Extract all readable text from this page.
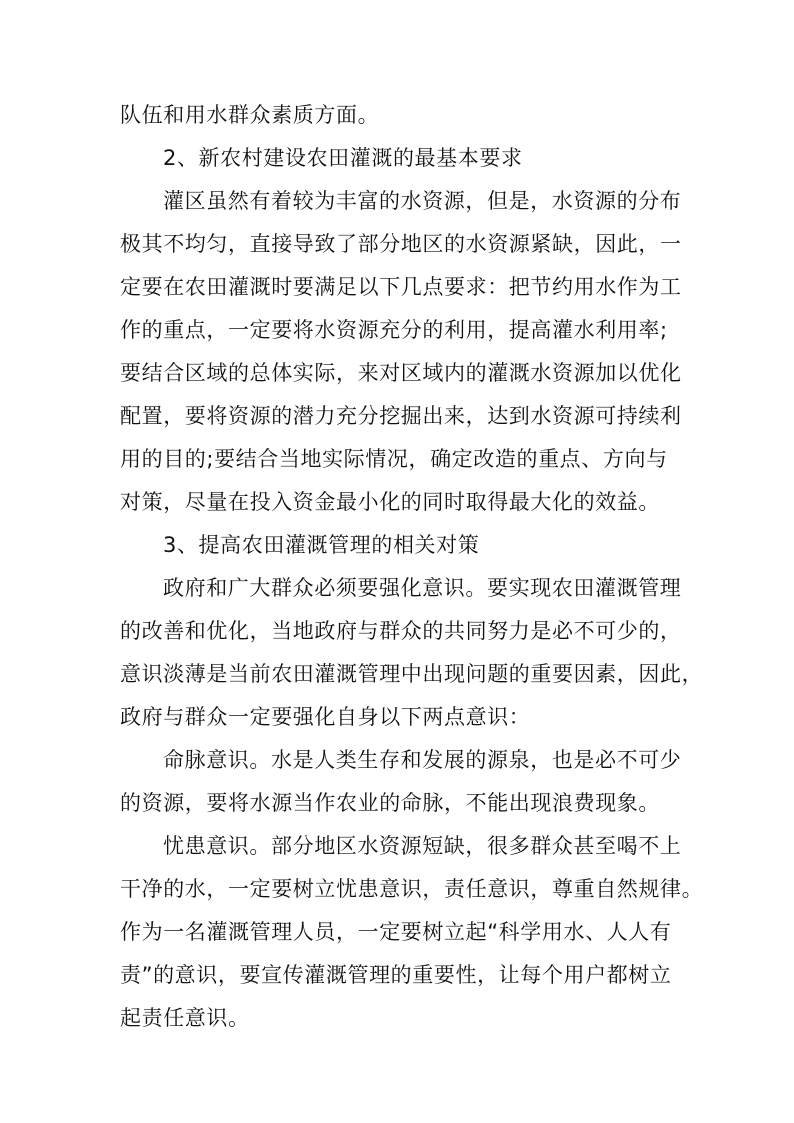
队伍和用水群众素质方面。
2、新农村建设农田灌溉的最基本要求
灌区虽然有着较为丰富的水资源，但是，水资源的分布
极其不均匀，直接导致了部分地区的水资源紧缺，因此，一
定要在农田灌溉时要满足以下几点要求：把节约用水作为工
作的重点，一定要将水资源充分的利用，提高灌水利用率;
要结合区域的总体实际，来对区域内的灌溉水资源加以优化
配置，要将资源的潜力充分挖掘出来，达到水资源可持续利
用的目的;要结合当地实际情况，确定改造的重点、方向与
对策，尽量在投入资金最小化的同时取得最大化的效益。
3、提高农田灌溉管理的相关对策
政府和广大群众必须要强化意识。要实现农田灌溉管理
的改善和优化，当地政府与群众的共同努力是必不可少的，
意识淡薄是当前农田灌溉管理中出现问题的重要因素，因此，
政府与群众一定要强化自身以下两点意识：
命脉意识。水是人类生存和发展的源泉，也是必不可少
的资源，要将水源当作农业的命脉，不能出现浪费现象。
忧患意识。部分地区水资源短缺，很多群众甚至喝不上
干净的水，一定要树立忧患意识，责任意识，尊重自然规律。
作为一名灌溉管理人员，一定要树立起“科学用水、人人有
责”的意识，要宣传灌溉管理的重要性，让每个用户都树立
起责任意识。
